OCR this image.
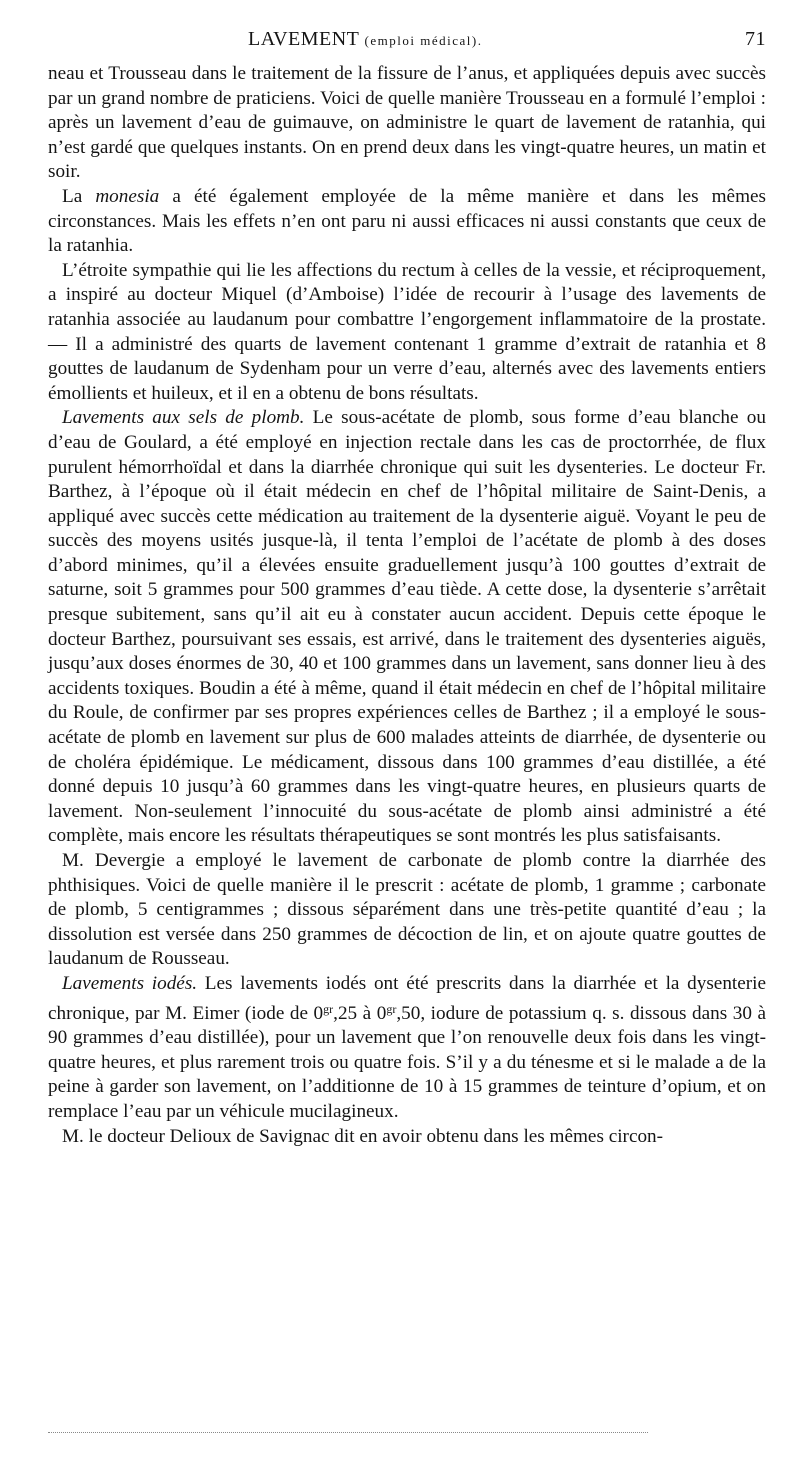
LAVEMENT (emploi médical).	71

neau et Trousseau dans le traitement de la fissure de l’anus, et appliquées depuis avec succès par un grand nombre de praticiens. Voici de quelle manière Trousseau en a formulé l’emploi : après un lavement d’eau de guimauve, on administre le quart de lavement de ratanhia, qui n’est gardé que quelques instants. On en prend deux dans les vingt-quatre heures, un matin et soir.

La monesia a été également employée de la même manière et dans les mêmes circonstances. Mais les effets n’en ont paru ni aussi efficaces ni aussi constants que ceux de la ratanhia.

L’étroite sympathie qui lie les affections du rectum à celles de la vessie, et réciproquement, a inspiré au docteur Miquel (d’Amboise) l’idée de recourir à l’usage des lavements de ratanhia associée au laudanum pour combattre l’engorgement inflammatoire de la prostate. — Il a administré des quarts de lavement contenant 1 gramme d’extrait de ratanhia et 8 gouttes de laudanum de Sydenham pour un verre d’eau, alternés avec des lavements entiers émollients et huileux, et il en a obtenu de bons résultats.

Lavements aux sels de plomb. Le sous-acétate de plomb, sous forme d’eau blanche ou d’eau de Goulard, a été employé en injection rectale dans les cas de proctorrhée, de flux purulent hémorrhoïdal et dans la diarrhée chronique qui suit les dysenteries. Le docteur Fr. Barthez, à l’époque où il était médecin en chef de l’hôpital militaire de Saint-Denis, a appliqué avec succès cette médication au traitement de la dysenterie aiguë. Voyant le peu de succès des moyens usités jusque-là, il tenta l’emploi de l’acétate de plomb à des doses d’abord minimes, qu’il a élevées ensuite graduellement jusqu’à 100 gouttes d’extrait de saturne, soit 5 grammes pour 500 grammes d’eau tiède. A cette dose, la dysenterie s’arrêtait presque subitement, sans qu’il ait eu à constater aucun accident. Depuis cette époque le docteur Barthez, poursuivant ses essais, est arrivé, dans le traitement des dysenteries aiguës, jusqu’aux doses énormes de 30, 40 et 100 grammes dans un lavement, sans donner lieu à des accidents toxiques. Boudin a été à même, quand il était médecin en chef de l’hôpital militaire du Roule, de confirmer par ses propres expériences celles de Barthez ; il a employé le sous-acétate de plomb en lavement sur plus de 600 malades atteints de diarrhée, de dysenterie ou de choléra épidémique. Le médicament, dissous dans 100 grammes d’eau distillée, a été donné depuis 10 jusqu’à 60 grammes dans les vingt-quatre heures, en plusieurs quarts de lavement. Non-seulement l’innocuité du sous-acétate de plomb ainsi administré a été complète, mais encore les résultats thérapeutiques se sont montrés les plus satisfaisants.

M. Devergie a employé le lavement de carbonate de plomb contre la diarrhée des phthisiques. Voici de quelle manière il le prescrit : acétate de plomb, 1 gramme ; carbonate de plomb, 5 centigrammes ; dissous séparément dans une très-petite quantité d’eau ; la dissolution est versée dans 250 grammes de décoction de lin, et on ajoute quatre gouttes de laudanum de Rousseau.

Lavements iodés. Les lavements iodés ont été prescrits dans la diarrhée et la dysenterie chronique, par M. Eimer (iode de $0^{gr},25$ à $0^{gr},50$, iodure de potassium q. s. dissous dans 30 à 90 grammes d’eau distillée), pour un lavement que l’on renouvelle deux fois dans les vingt-quatre heures, et plus rarement trois ou quatre fois. S’il y a du ténesme et si le malade a de la peine à garder son lavement, on l’additionne de 10 à 15 grammes de teinture d’opium, et on remplace l’eau par un véhicule mucilagineux.

M. le docteur Delioux de Savignac dit en avoir obtenu dans les mêmes circon-
